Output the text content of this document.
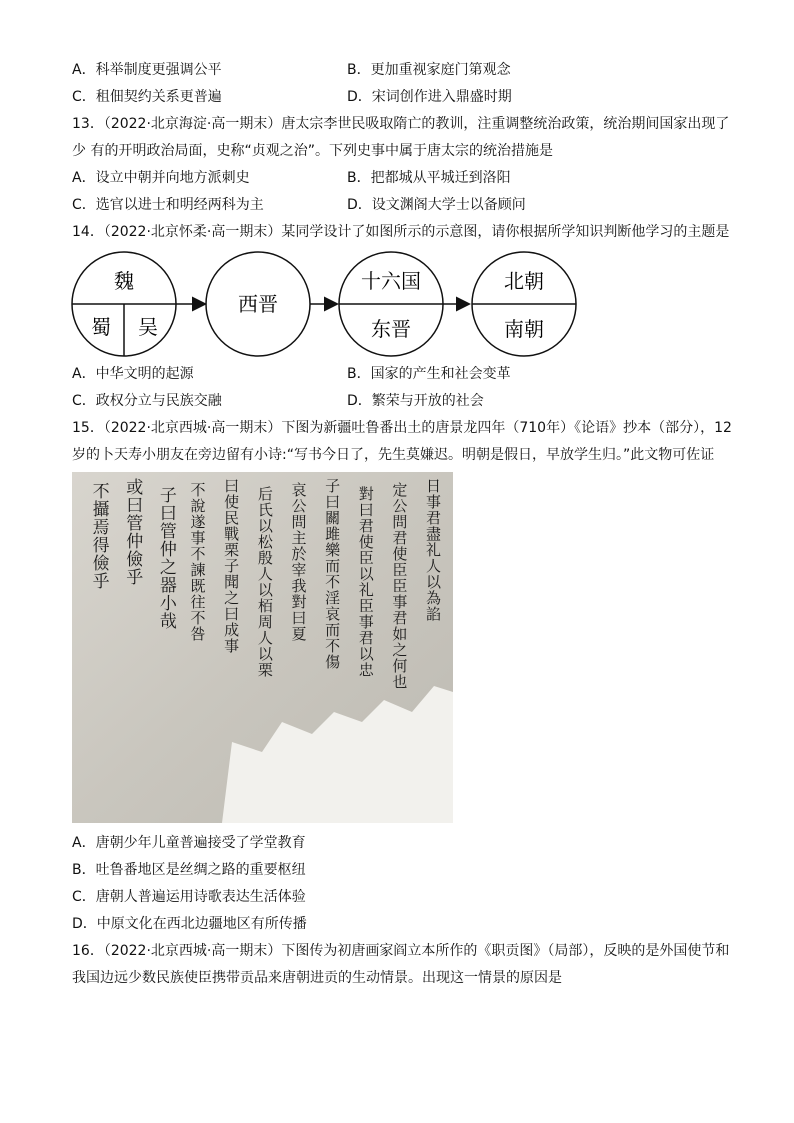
A．科举制度更强调公平	B．更加重视家庭门第观念
C．租佃契约关系更普遍	D．宋词创作进入鼎盛时期
13．（2022·北京海淀·高一期末）唐太宗李世民吸取隋亡的教训，注重调整统治政策，统治期间国家出现了
少 有的开明政治局面，史称“贞观之治”。下列史事中属于唐太宗的统治措施是
A．设立中朝并向地方派刺史	B．把都城从平城迁到洛阳
C．选官以进士和明经两科为主	D．设文渊阁大学士以备顾问
14．（2022·北京怀柔·高一期末）某同学设计了如图所示的示意图，请你根据所学知识判断他学习的主题是
魏
蜀 吴
西晋
十六国
东晋
北朝
南朝
A．中华文明的起源	B．国家的产生和社会变革
C．政权分立与民族交融	D．繁荣与开放的社会
15．（2022·北京西城·高一期末）下图为新疆吐鲁番出土的唐景龙四年（710年）《论语》抄本（部分），12
岁的卜天寿小朋友在旁边留有小诗:“写书今日了，先生莫嫌迟。明朝是假日，早放学生归。”此文物可佐证
日事君盡礼人以為諂
定公問君使臣臣事君如之何也
對曰君使臣以礼臣事君以忠
子曰關雎樂而不淫哀而不傷
哀公問主於宰我對曰夏
后氏以松殷人以栢周人以栗
曰使民戰栗子聞之曰成事
不說遂事不諫既往不咎
子曰管仲之器小哉
或曰管仲儉乎
不攝焉得儉乎
A．唐朝少年儿童普遍接受了学堂教育
B．吐鲁番地区是丝绸之路的重要枢纽
C．唐朝人普遍运用诗歌表达生活体验
D．中原文化在西北边疆地区有所传播
16．（2022·北京西城·高一期末）下图传为初唐画家阎立本所作的《职贡图》（局部），反映的是外国使节和
我国边远少数民族使臣携带贡品来唐朝进贡的生动情景。出现这一情景的原因是
